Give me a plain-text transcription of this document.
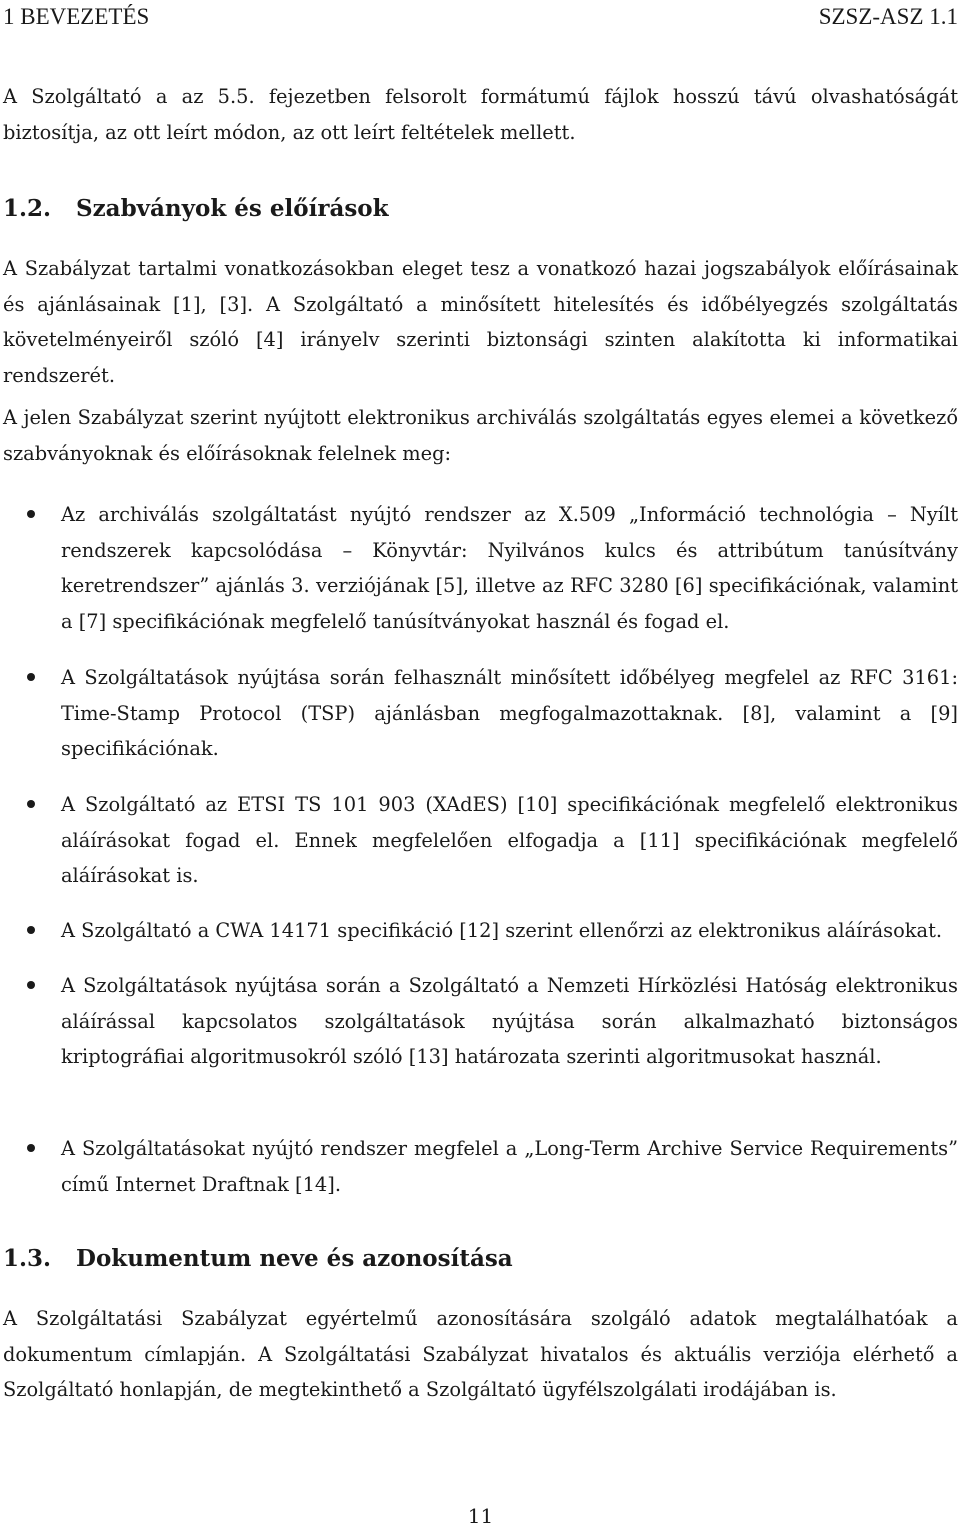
1 BEVEZETÉS	SZSZ-ASZ 1.1

A Szolgáltató a az 5.5. fejezetben felsorolt formátumú fájlok hosszú távú olvashatóságát biztosítja, az ott leírt módon, az ott leírt feltételek mellett.

1.2. Szabványok és előírások

A Szabályzat tartalmi vonatkozásokban eleget tesz a vonatkozó hazai jogszabályok előírásainak és ajánlásainak [1], [3]. A Szolgáltató a minősített hitelesítés és időbélyegzés szolgáltatás követelményeiről szóló [4] irányelv szerinti biztonsági szinten alakította ki informatikai rendszerét.

A jelen Szabályzat szerint nyújtott elektronikus archiválás szolgáltatás egyes elemei a következő szabványoknak és előírásoknak felelnek meg:

Az archiválás szolgáltatást nyújtó rendszer az X.509 „Információ technológia – Nyílt rendszerek kapcsolódása – Könyvtár: Nyilvános kulcs és attribútum tanúsítvány keretrendszer” ajánlás 3. verziójának [5], illetve az RFC 3280 [6] specifikációnak, valamint a [7] specifikációnak megfelelő tanúsítványokat használ és fogad el.
A Szolgáltatások nyújtása során felhasznált minősített időbélyeg megfelel az RFC 3161: Time-Stamp Protocol (TSP) ajánlásban megfogalmazottaknak. [8], valamint a [9] specifikációnak.
A Szolgáltató az ETSI TS 101 903 (XAdES) [10] specifikációnak megfelelő elektronikus aláírásokat fogad el. Ennek megfelelően elfogadja a [11] specifikációnak megfelelő aláírásokat is.
A Szolgáltató a CWA 14171 specifikáció [12] szerint ellenőrzi az elektronikus aláírásokat.
A Szolgáltatások nyújtása során a Szolgáltató a Nemzeti Hírközlési Hatóság elektronikus aláírással kapcsolatos szolgáltatások nyújtása során alkalmazható biztonságos kriptográfiai algoritmusokról szóló [13] határozata szerinti algoritmusokat használ.
A Szolgáltatásokat nyújtó rendszer megfelel a „Long-Term Archive Service Requirements” című Internet Draftnak [14].
1.3. Dokumentum neve és azonosítása

A Szolgáltatási Szabályzat egyértelmű azonosítására szolgáló adatok megtalálhatóak a dokumentum címlapján. A Szolgáltatási Szabályzat hivatalos és aktuális verziója elérhető a Szolgáltató honlapján, de megtekinthető a Szolgáltató ügyfélszolgálati irodájában is.

11
